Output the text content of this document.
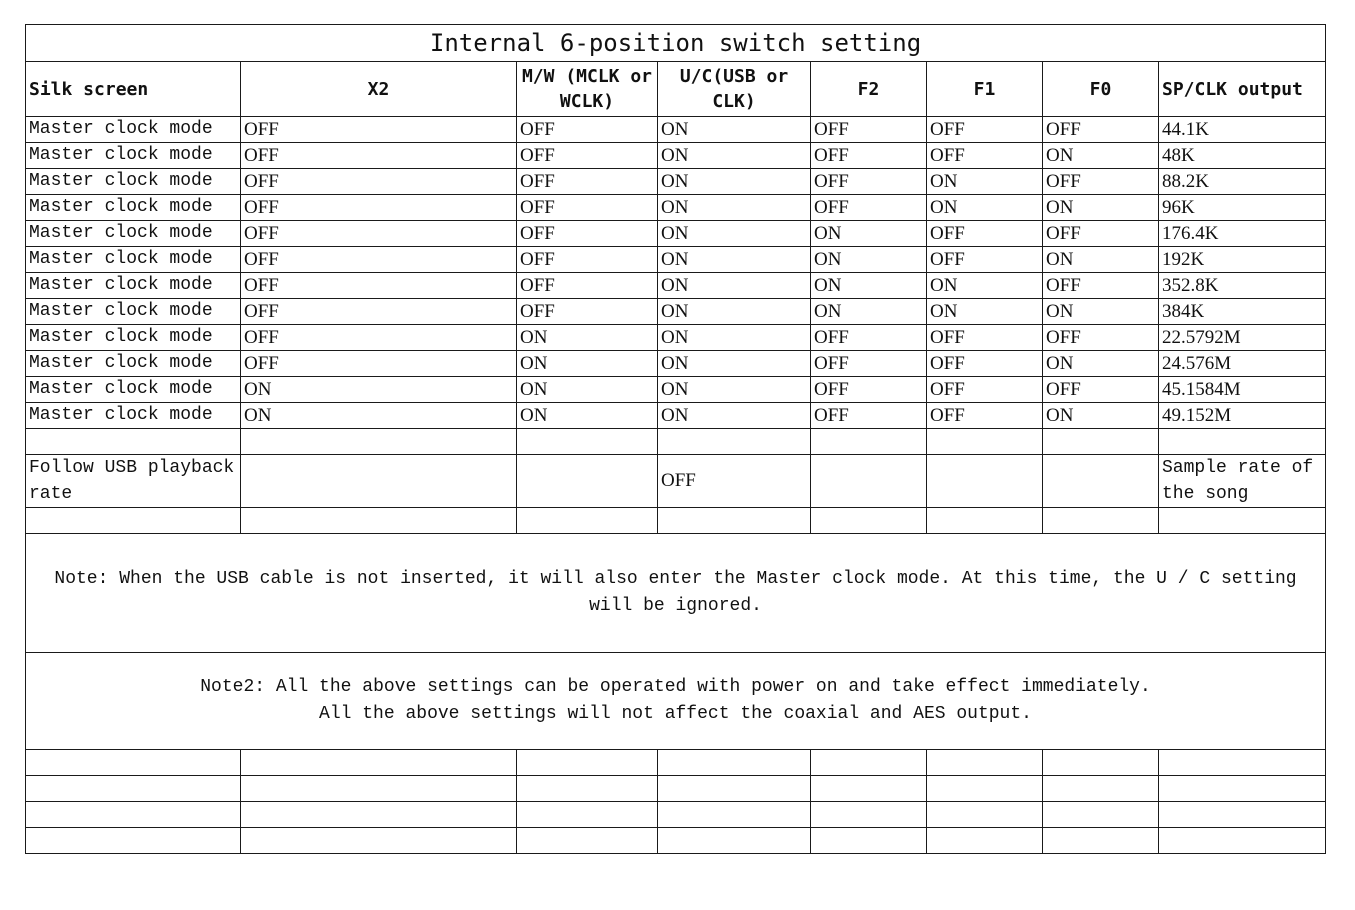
Internal 6-position switch setting							
Silk screen	X2	M/W (MCLK or WCLK)	U/C(USB or CLK)	F2	F1	F0	SP/CLK output
Master clock mode	OFF	OFF	ON	OFF	OFF	OFF	44.1K
Master clock mode	OFF	OFF	ON	OFF	OFF	ON	48K
Master clock mode	OFF	OFF	ON	OFF	ON	OFF	88.2K
Master clock mode	OFF	OFF	ON	OFF	ON	ON	96K
Master clock mode	OFF	OFF	ON	ON	OFF	OFF	176.4K
Master clock mode	OFF	OFF	ON	ON	OFF	ON	192K
Master clock mode	OFF	OFF	ON	ON	ON	OFF	352.8K
Master clock mode	OFF	OFF	ON	ON	ON	ON	384K
Master clock mode	OFF	ON	ON	OFF	OFF	OFF	22.5792M
Master clock mode	OFF	ON	ON	OFF	OFF	ON	24.576M
Master clock mode	ON	ON	ON	OFF	OFF	OFF	45.1584M
Master clock mode	ON	ON	ON	OFF	OFF	ON	49.152M

Follow USB playback rate			OFF				Sample rate of the song

Note: When the USB cable is not inserted, it will also enter the Master clock mode. At this time, the U / C setting will be ignored.							

Note2: All the above settings can be operated with power on and take effect immediately.
All the above settings will not affect the coaxial and AES output.							
